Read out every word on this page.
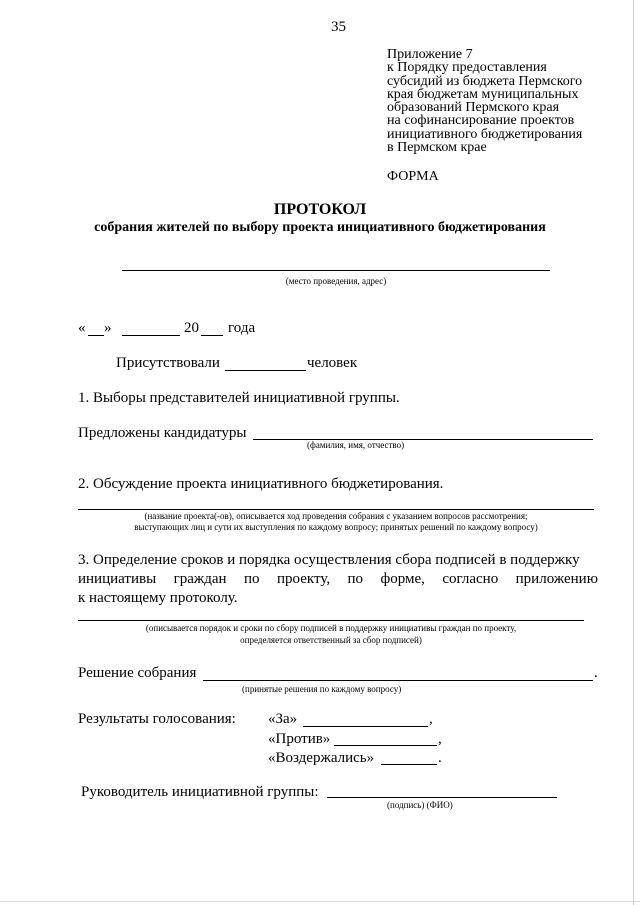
35
Приложение 7
к Порядку предоставления
субсидий из бюджета Пермского
края бюджетам муниципальных
образований Пермского края
на софинансирование проектов
инициативного бюджетирования
в Пермском крае
ФОРМА
ПРОТОКОЛ
собрания жителей по выбору проекта инициативного бюджетирования
(место проведения, адрес)
« »	20 года
Присутствовали	человек
1. Выборы представителей инициативной группы.
Предложены кандидатуры
(фамилия, имя, отчество)
2. Обсуждение проекта инициативного бюджетирования.
(название проекта(-ов), описывается ход проведения собрания с указанием вопросов рассмотрения;
выступающих лиц и сути их выступления по каждому вопросу; принятых решений по каждому вопросу)
3. Определение сроков и порядка осуществления сбора подписей в поддержку
инициативы граждан по проекту, по форме, согласно приложению
к настоящему протоколу.
(описывается порядок и сроки по сбору подписей в поддержку инициативы граждан по проекту,
определяется ответственный за сбор подписей)
Решение собрания	.
(принятые решения по каждому вопросу)
Результаты голосования: «За»	,
«Против»	,
«Воздержались»	.
Руководитель инициативной группы:
(подпись) (ФИО)
